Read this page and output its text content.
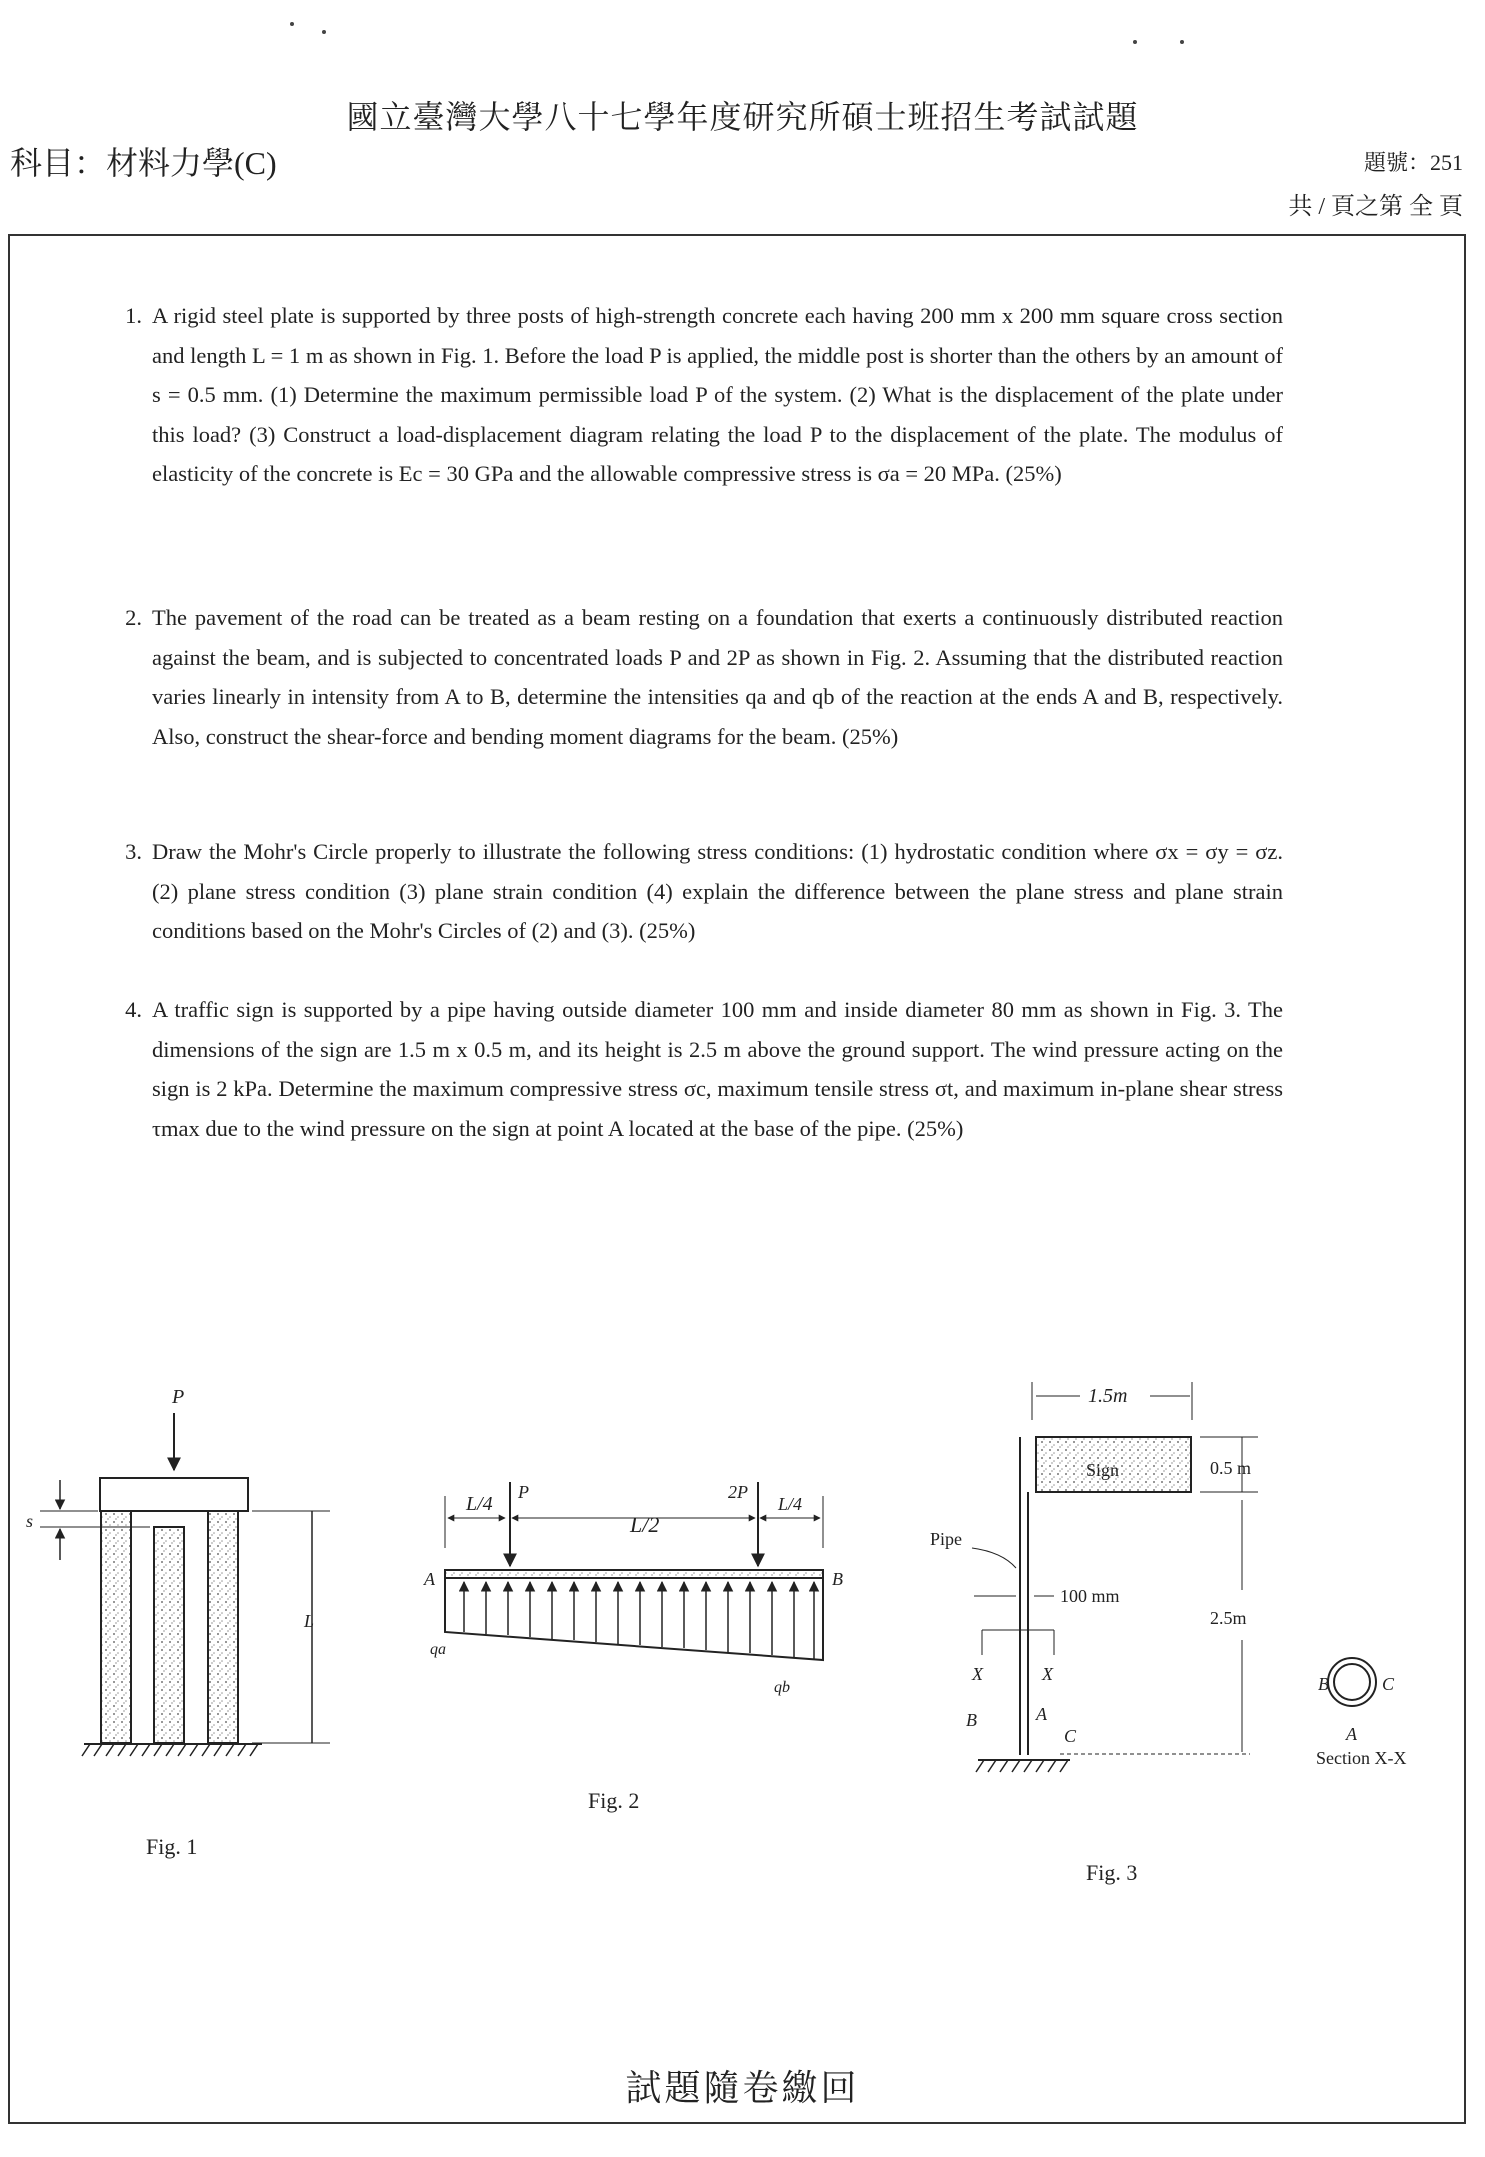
國立臺灣大學八十七學年度研究所碩士班招生考試試題
科目：材料力學(C)	題號：251
共 / 頁之第 全 頁
1. A rigid steel plate is supported by three posts of high-strength concrete each having 200 mm x 200 mm square cross section and length L = 1 m as shown in Fig. 1. Before the load P is applied, the middle post is shorter than the others by an amount of s = 0.5 mm. (1) Determine the maximum permissible load P of the system. (2) What is the displacement of the plate under this load? (3) Construct a load-displacement diagram relating the load P to the displacement of the plate. The modulus of elasticity of the concrete is Ec = 30 GPa and the allowable compressive stress is σa = 20 MPa. (25%)
2. The pavement of the road can be treated as a beam resting on a foundation that exerts a continuously distributed reaction against the beam, and is subjected to concentrated loads P and 2P as shown in Fig. 2. Assuming that the distributed reaction varies linearly in intensity from A to B, determine the intensities qa and qb of the reaction at the ends A and B, respectively. Also, construct the shear-force and bending moment diagrams for the beam. (25%)
3. Draw the Mohr's Circle properly to illustrate the following stress conditions: (1) hydrostatic condition where σx = σy = σz. (2) plane stress condition (3) plane strain condition (4) explain the difference between the plane stress and plane strain conditions based on the Mohr's Circles of (2) and (3). (25%)
4. A traffic sign is supported by a pipe having outside diameter 100 mm and inside diameter 80 mm as shown in Fig. 3. The dimensions of the sign are 1.5 m x 0.5 m, and its height is 2.5 m above the ground support. The wind pressure acting on the sign is 2 kPa. Determine the maximum compressive stress σc, maximum tensile stress σt, and maximum in-plane shear stress τmax due to the wind pressure on the sign at point A located at the base of the pipe. (25%)
P
s
L
Fig. 1
L/4
P
L/2
2P
L/4
A	B
qa
qb
Fig. 2
1.5m
Sign	0.5 m
2.5m
Pipe
100 mm
X	X
B	A
C
B	C
A
Section X-X
Fig. 3
試題隨卷繳回
